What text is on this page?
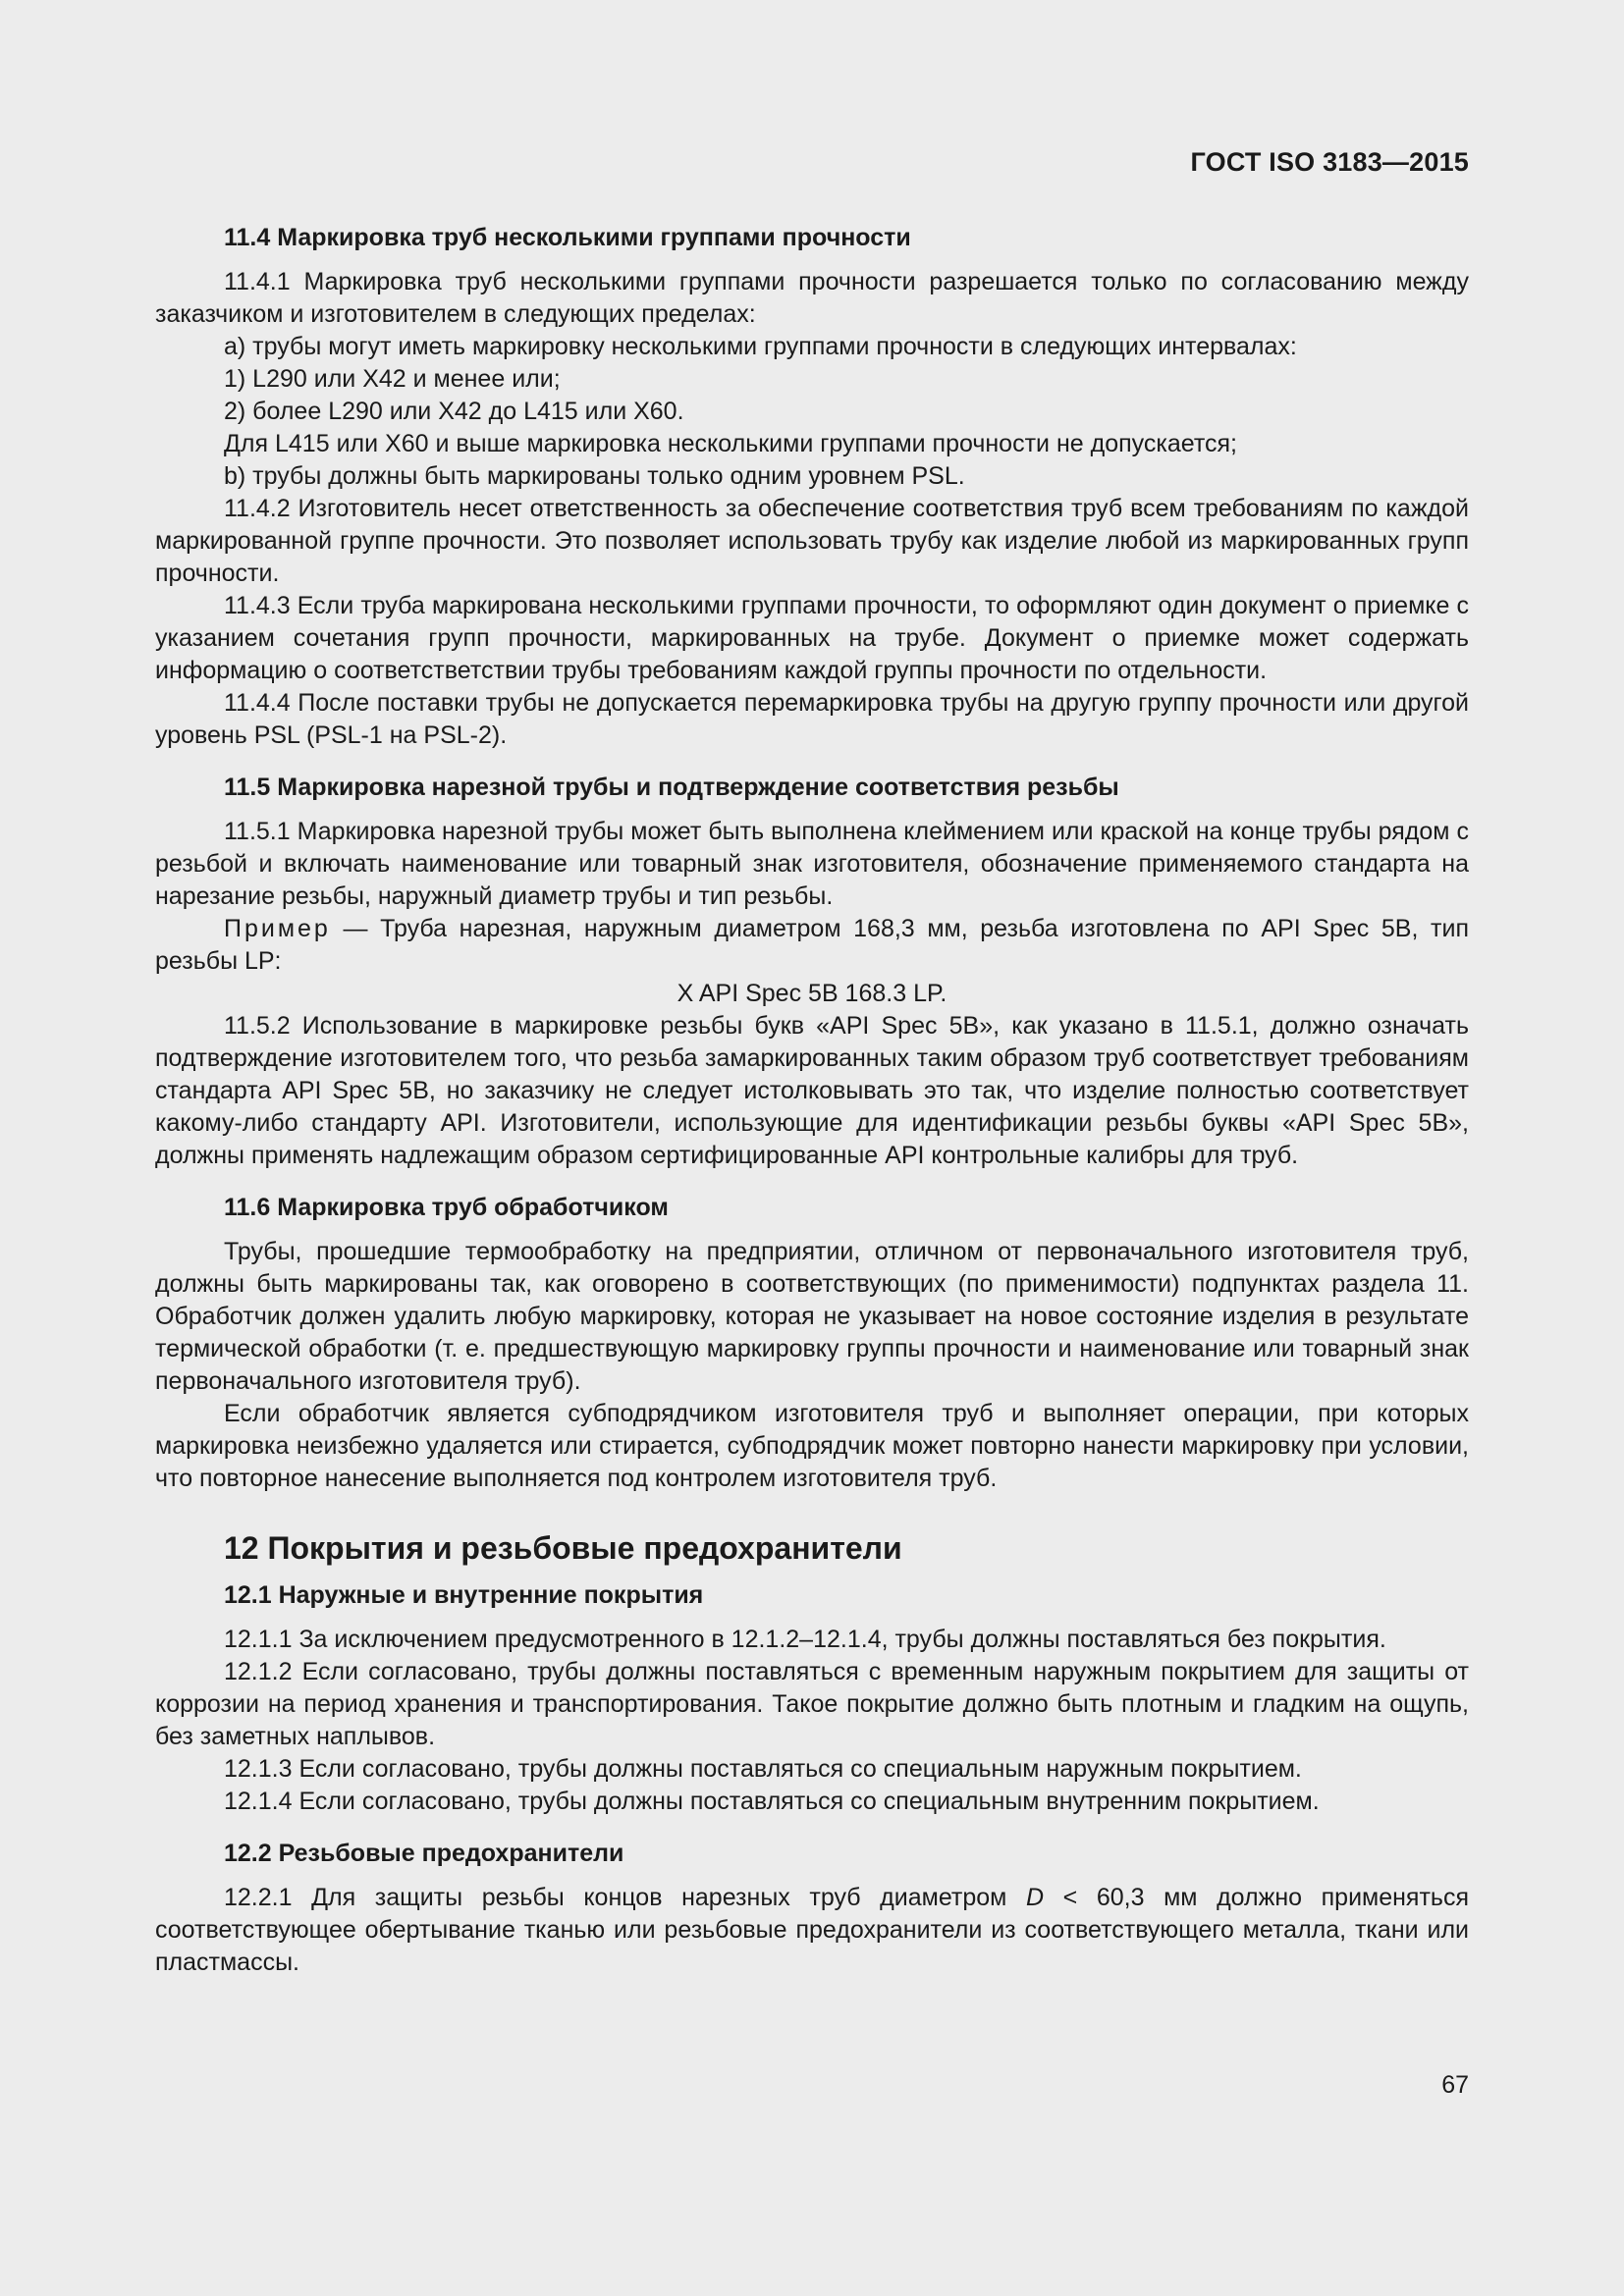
ГОСТ ISO 3183—2015

11.4 Маркировка труб несколькими группами прочности

11.4.1 Маркировка труб несколькими группами прочности разрешается только по согласованию между заказчиком и изготовителем в следующих пределах:

a) трубы могут иметь маркировку несколькими группами прочности в следующих интервалах:

1) L290 или X42 и менее или;

2) более L290 или X42 до L415 или X60.

Для L415 или X60 и выше маркировка несколькими группами прочности не допускается;

b) трубы должны быть маркированы только одним уровнем PSL.

11.4.2 Изготовитель несет ответственность за обеспечение соответствия труб всем требованиям по каждой маркированной группе прочности. Это позволяет использовать трубу как изделие любой из маркированных групп прочности.

11.4.3 Если труба маркирована несколькими группами прочности, то оформляют один документ о приемке с указанием сочетания групп прочности, маркированных на трубе. Документ о приемке может содержать информацию о соответстветствии трубы требованиям каждой группы прочности по отдельности.

11.4.4 После поставки трубы не допускается перемаркировка трубы на другую группу прочности или другой уровень PSL (PSL-1 на PSL-2).

11.5 Маркировка нарезной трубы и подтверждение соответствия резьбы

11.5.1 Маркировка нарезной трубы может быть выполнена клеймением или краской на конце трубы рядом с резьбой и включать наименование или товарный знак изготовителя, обозначение применяемого стандарта на нарезание резьбы, наружный диаметр трубы и тип резьбы.

Пример — Труба нарезная, наружным диаметром 168,3 мм, резьба изготовлена по API Spec 5B, тип резьбы LP:

X API Spec 5B 168.3 LP.

11.5.2 Использование в маркировке резьбы букв «API Spec 5B», как указано в 11.5.1, должно означать подтверждение изготовителем того, что резьба замаркированных таким образом труб соответствует требованиям стандарта API Spec 5B, но заказчику не следует истолковывать это так, что изделие полностью соответствует какому-либо стандарту API. Изготовители, использующие для идентификации резьбы буквы «API Spec 5B», должны применять надлежащим образом сертифицированные API контрольные калибры для труб.

11.6 Маркировка труб обработчиком

Трубы, прошедшие термообработку на предприятии, отличном от первоначального изготовителя труб, должны быть маркированы так, как оговорено в соответствующих (по применимости) подпунктах раздела 11. Обработчик должен удалить любую маркировку, которая не указывает на новое состояние изделия в результате термической обработки (т. е. предшествующую маркировку группы прочности и наименование или товарный знак первоначального изготовителя труб).

Если обработчик является субподрядчиком изготовителя труб и выполняет операции, при которых маркировка неизбежно удаляется или стирается, субподрядчик может повторно нанести маркировку при условии, что повторное нанесение выполняется под контролем изготовителя труб.

12 Покрытия и резьбовые предохранители

12.1 Наружные и внутренние покрытия

12.1.1 За исключением предусмотренного в 12.1.2–12.1.4, трубы должны поставляться без покрытия.

12.1.2 Если согласовано, трубы должны поставляться с временным наружным покрытием для защиты от коррозии на период хранения и транспортирования. Такое покрытие должно быть плотным и гладким на ощупь, без заметных наплывов.

12.1.3 Если согласовано, трубы должны поставляться со специальным наружным покрытием.

12.1.4 Если согласовано, трубы должны поставляться со специальным внутренним покрытием.

12.2 Резьбовые предохранители

12.2.1 Для защиты резьбы концов нарезных труб диаметром D < 60,3 мм должно применяться соответствующее обертывание тканью или резьбовые предохранители из соответствующего металла, ткани или пластмассы.

67
